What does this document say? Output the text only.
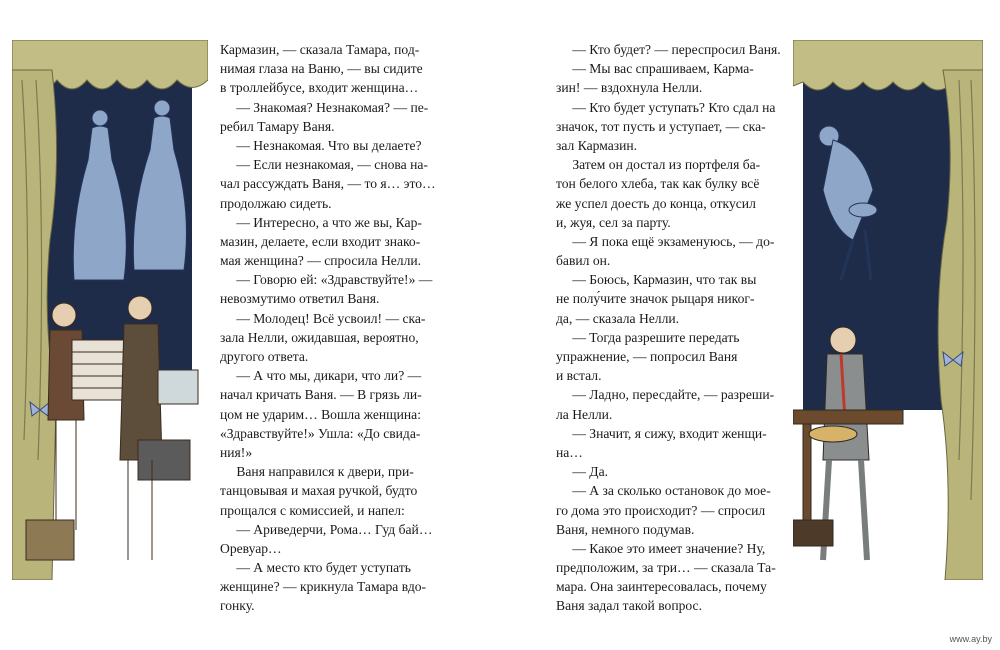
Кармазин, — сказала Тамара, под-
нимая глаза на Ваню, — вы сидите
в троллейбусе, входит женщина…
— Знакомая? Незнакомая? — пе-
ребил Тамару Ваня.
— Незнакомая. Что вы делаете?
— Если незнакомая, — снова на-
чал рассуждать Ваня, — то я… это…
продолжаю сидеть.
— Интересно, а что же вы, Кар-
мазин, делаете, если входит знако-
мая женщина? — спросила Нелли.
— Говорю ей: «Здравствуйте!» —
невозмутимо ответил Ваня.
— Молодец! Всё усвоил! — ска-
зала Нелли, ожидавшая, вероятно,
другого ответа.
— А что мы, дикари, что ли? —
начал кричать Ваня. — В грязь ли-
цом не ударим… Вошла женщина:
«Здравствуйте!» Ушла: «До свида-
ния!»
Ваня направился к двери, при-
танцовывая и махая ручкой, будто
прощался с комиссией, и напел:
— Ариведерчи, Рома… Гуд бай…
Оревуар…
— А место кто будет уступать
женщине? — крикнула Тамара вдо-
гонку.
— Кто будет? — переспросил Ваня.
— Мы вас спрашиваем, Карма-
зин! — вздохнула Нелли.
— Кто будет уступать? Кто сдал на
значок, тот пусть и уступает, — ска-
зал Кармазин.
Затем он достал из портфеля ба-
тон белого хлеба, так как булку всё
же успел доесть до конца, откусил
и, жуя, сел за парту.
— Я пока ещё экзаменуюсь, — до-
бавил он.
— Боюсь, Кармазин, что так вы
не полу́чите значок рыцаря никог-
да, — сказала Нелли.
— Тогда разрешите передать
упражнение, — попросил Ваня
и встал.
— Ладно, пересдайте, — разреши-
ла Нелли.
— Значит, я сижу, входит женщи-
на…
— Да.
— А за сколько остановок до мое-
го дома это происходит? — спросил
Ваня, немного подумав.
— Какое это имеет значение? Ну,
предположим, за три… — сказала Та-
мара. Она заинтересовалась, почему
Ваня задал такой вопрос.
www.ay.by
